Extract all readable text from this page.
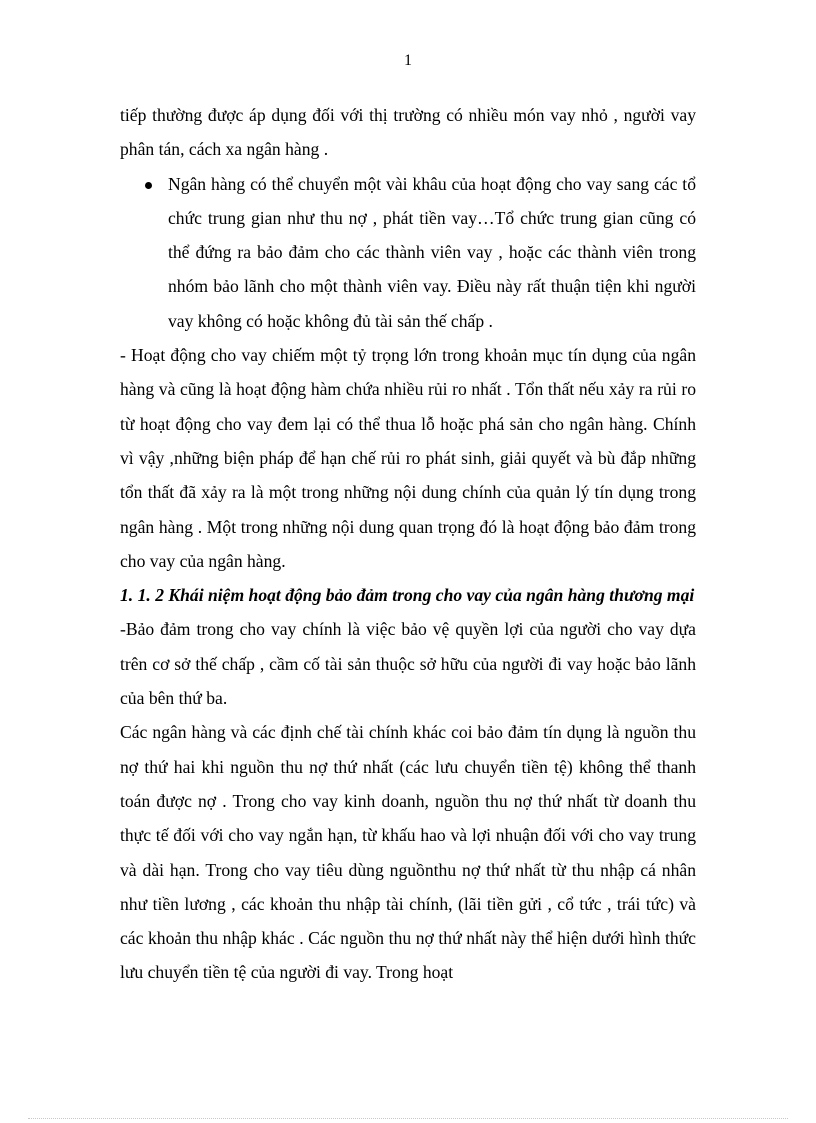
1

tiếp thường được áp dụng đối với thị trường có nhiều món vay nhỏ , người vay phân tán, cách xa ngân hàng .

Ngân hàng có thể chuyển một vài khâu của hoạt động cho vay sang các tổ chức trung gian như thu nợ , phát tiền vay…Tổ chức trung gian cũng có thể đứng ra bảo đảm cho các thành viên vay , hoặc các thành viên trong nhóm bảo lãnh cho một thành viên vay. Điều này rất thuận tiện khi người vay không có hoặc không đủ tài sản thế chấp .

- Hoạt động cho vay chiếm một tỷ trọng lớn trong khoản mục tín dụng của ngân hàng và cũng là hoạt động hàm chứa nhiều rủi ro nhất . Tổn thất nếu xảy ra rủi ro từ hoạt động cho vay đem lại có thể thua lỗ hoặc phá sản cho ngân hàng. Chính vì vậy ,những biện pháp để hạn chế rủi ro phát sinh, giải quyết và bù đắp những tổn thất đã xảy ra là một trong những nội dung chính của quản lý tín dụng trong ngân hàng . Một trong những nội dung quan trọng đó là hoạt động bảo đảm trong cho vay của ngân hàng.

1. 1. 2 Khái niệm hoạt động bảo đảm trong cho vay của ngân hàng thương mại

-Bảo đảm trong cho vay chính là việc bảo vệ quyền lợi của người cho vay dựa trên cơ sở thế chấp , cầm cố tài sản thuộc sở hữu của người đi vay hoặc bảo lãnh của bên thứ ba.

Các ngân hàng và các định chế tài chính khác coi bảo đảm tín dụng là nguồn thu nợ thứ hai khi nguồn thu nợ thứ nhất (các lưu chuyển tiền tệ) không thể thanh toán được nợ . Trong cho vay kinh doanh, nguồn thu nợ thứ nhất từ doanh thu thực tế đối với cho vay ngắn hạn, từ khấu hao và lợi nhuận đối với cho vay trung và dài hạn. Trong cho vay tiêu dùng nguồnthu nợ thứ nhất từ thu nhập cá nhân như tiền lương , các khoản thu nhập tài chính, (lãi tiền gửi , cổ tức , trái tức) và các khoản thu nhập khác . Các nguồn thu nợ thứ nhất này thể hiện dưới hình thức lưu chuyển tiền tệ của người đi vay. Trong hoạt
